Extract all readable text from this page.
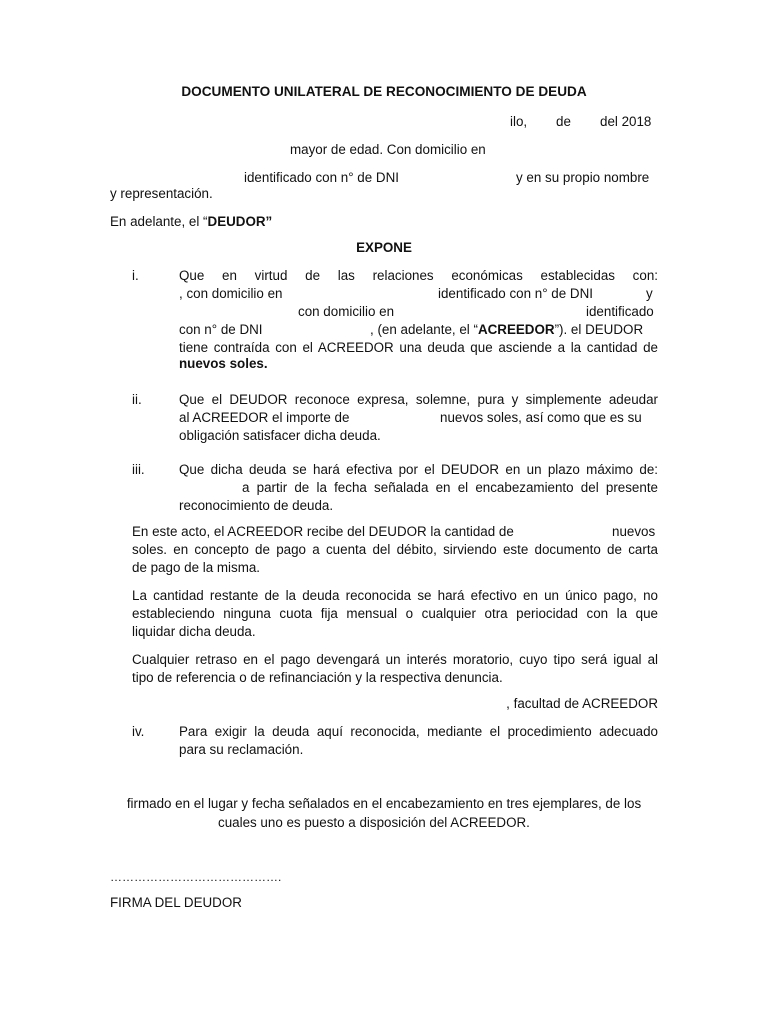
DOCUMENTO UNILATERAL DE RECONOCIMIENTO DE DEUDA
ilo, de del 2018
mayor de edad. Con domicilio en
identificado con n° de DNI	y en su propio nombre
y representación.
En adelante, el “DEUDOR”
EXPONE
i.	Que en virtud de las relaciones económicas establecidas con:
, con domicilio en	identificado con n° de DNI	y
con domicilio en	identificado
con n° de DNI	, (en adelante, el “ACREEDOR”). el DEUDOR
tiene contraída con el ACREEDOR una deuda que asciende a la cantidad de
nuevos soles.
ii.	Que el DEUDOR reconoce expresa, solemne, pura y simplemente adeudar
al ACREEDOR el importe de	nuevos soles, así como que es su
obligación satisfacer dicha deuda.
iii.	Que dicha deuda se hará efectiva por el DEUDOR en un plazo máximo de:
a partir de la fecha señalada en el encabezamiento del presente
reconocimiento de deuda.
En este acto, el ACREEDOR recibe del DEUDOR la cantidad de	nuevos
soles. en concepto de pago a cuenta del débito, sirviendo este documento de carta
de pago de la misma.
La cantidad restante de la deuda reconocida se hará efectivo en un único pago, no
estableciendo ninguna cuota fija mensual o cualquier otra periocidad con la que
liquidar dicha deuda.
Cualquier retraso en el pago devengará un interés moratorio, cuyo tipo será igual al
tipo de referencia o de refinanciación y la respectiva denuncia.
, facultad de ACREEDOR
iv.	Para exigir la deuda aquí reconocida, mediante el procedimiento adecuado
para su reclamación.
firmado en el lugar y fecha señalados en el encabezamiento en tres ejemplares, de los
cuales uno es puesto a disposición del ACREEDOR.
…………………………………….
FIRMA DEL DEUDOR
